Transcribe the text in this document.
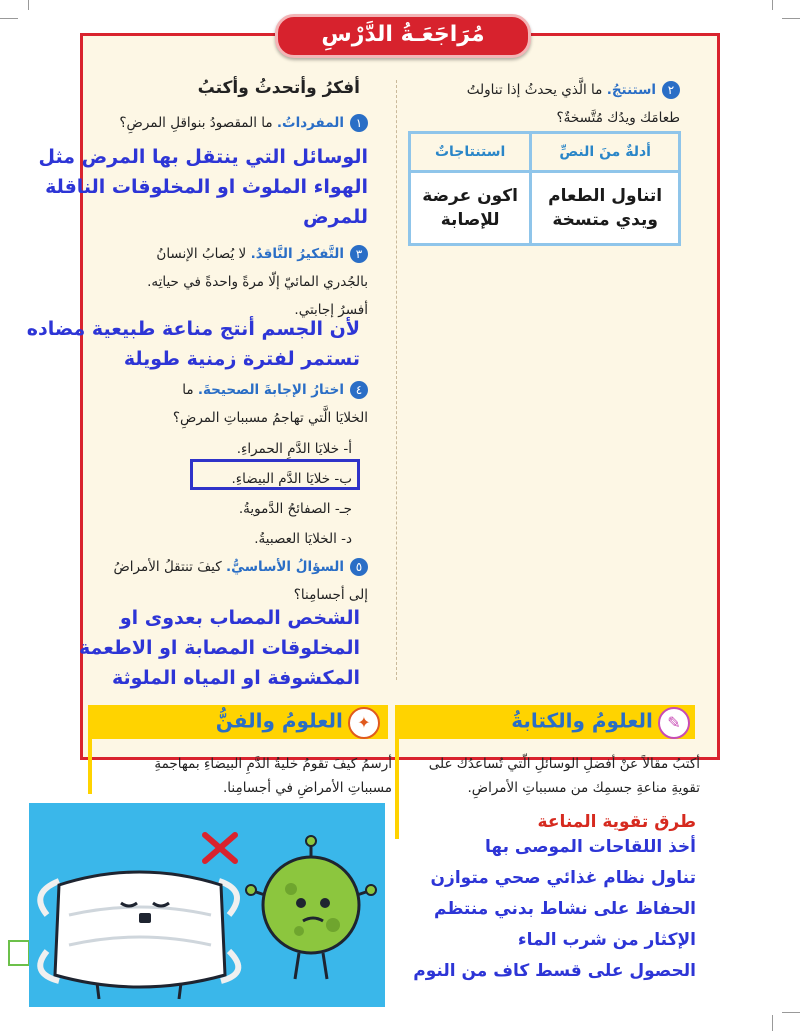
مُرَاجَعَـةُ الدَّرْسِ
أفكرُ وأتحدثُ وأكتبُ
١المفرداتُ. ما المقصودُ بنواقلِ المرضِ؟
الوسائل التي ينتقل بها المرض مثل
الهواء الملوث او المخلوقات الناقلة
للمرض
٣التَّفكيرُ النَّاقدُ. لا يُصابُ الإنسانُ
بالجُدري المائيّ إلّا مرةً واحدةً في حياتِه.
أفسرُ إجابتي.
لأن الجسم أنتج مناعة طبيعية مضاده
تستمر لفترة زمنية طويلة
٤اختارُ الإجابةَ الصحيحةَ. ما
الخلايَا الَّتي تهاجمُ مسبباتِ المرضِ؟
أ- خلايَا الدَّمِ الحمراءِ.
ب- خلايَا الدَّمِ البيضاءِ.
جـ- الصفائحُ الدَّمويةُ.
د- الخلايَا العصبيةُ.
٥السؤالُ الأساسيُّ. كيفَ تنتقلُ الأمراضُ
إلى أجسامِنا؟
الشخص المصاب بعدوى او
المخلوقات المصابة او الاطعمة
المكشوفة او المياه الملوثة
٢استنتجُ. ما الَّذي يحدثُ إذا تناولتُ
طعامَك ويدُك مُتَّسخةٌ؟
أدلةٌ منَ النصِّ	استنتاجاتٌ
اتناول الطعام ويدي متسخة	اكون عرضة للإصابة
✎ العلومُ والكتابةُ
✦ العلومُ والفنُّ
أكتبُ مقالاً عنْ أفضلِ الوسائلِ الّتي تُساعدُك على
تقويةِ مناعةِ جسمِك من مسبباتِ الأمراضِ.
أرسمُ كيفَ تقومُ خليةُ الدَّمِ البيضاءِ بمهاجمةِ
مسبباتِ الأمراضِ في أجسامِنا.
طرق تقوية المناعة
أخذ اللقاحات الموصى بها
تناول نظام غذائي صحي متوازن
الحفاظ على نشاط بدني منتظم
الإكثار من شرب الماء
الحصول على قسط كاف من النوم
